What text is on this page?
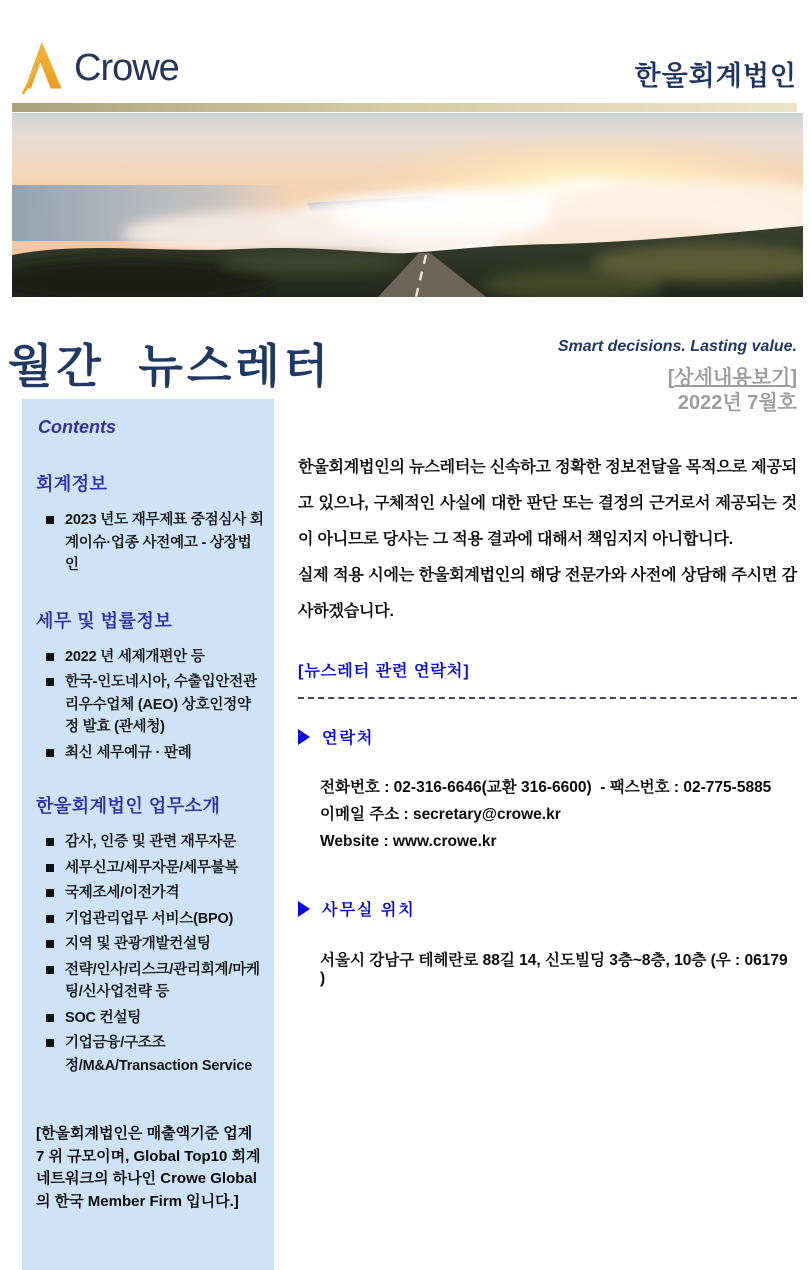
Crowe	한울회계법인
월간  뉴스레터	Smart decisions. Lasting value.
[상세내용보기]
2022년 7월호
Contents
회계정보
2023 년도 재무제표 중점심사 회계이슈·업종 사전예고 - 상장법인
세무 및 법률정보
2022 년 세제개편안 등
한국-인도네시아, 수출입안전관리우수업체 (AEO) 상호인정약정 발효 (관세청)
최신 세무예규 · 판례
한울회계법인 업무소개
감사, 인증 및 관련 재무자문
세무신고/세무자문/세무불복
국제조세/이전가격
기업관리업무 서비스(BPO)
지역 및 관광개발컨설팅
전략/인사/리스크/관리회계/마케팅/신사업전략 등
SOC 컨설팅
기업금융/구조조정/M&A/Transaction Service
[한울회계법인은 매출액기준 업계 7 위 규모이며, Global Top10 회계 네트워크의 하나인 Crowe Global 의 한국 Member Firm 입니다.]

한울회계법인의 뉴스레터는 신속하고 정확한 정보전달을 목적으로 제공되고 있으나, 구체적인 사실에 대한 판단 또는 결정의 근거로서 제공되는 것이 아니므로 당사는 그 적용 결과에 대해서 책임지지 아니합니다.

실제 적용 시에는 한울회계법인의 해당 전문가와 사전에 상담해 주시면 감사하겠습니다.

[뉴스레터 관련 연락처]
연락처
전화번호 : 02-316-6646(교환 316-6600)  - 팩스번호 : 02-775-5885
이메일 주소 : secretary@crowe.kr
Website : www.crowe.kr
사무실 위치
서울시 강남구 테헤란로 88길 14, 신도빌딩 3층~8층, 10층 (우 : 06179 )
